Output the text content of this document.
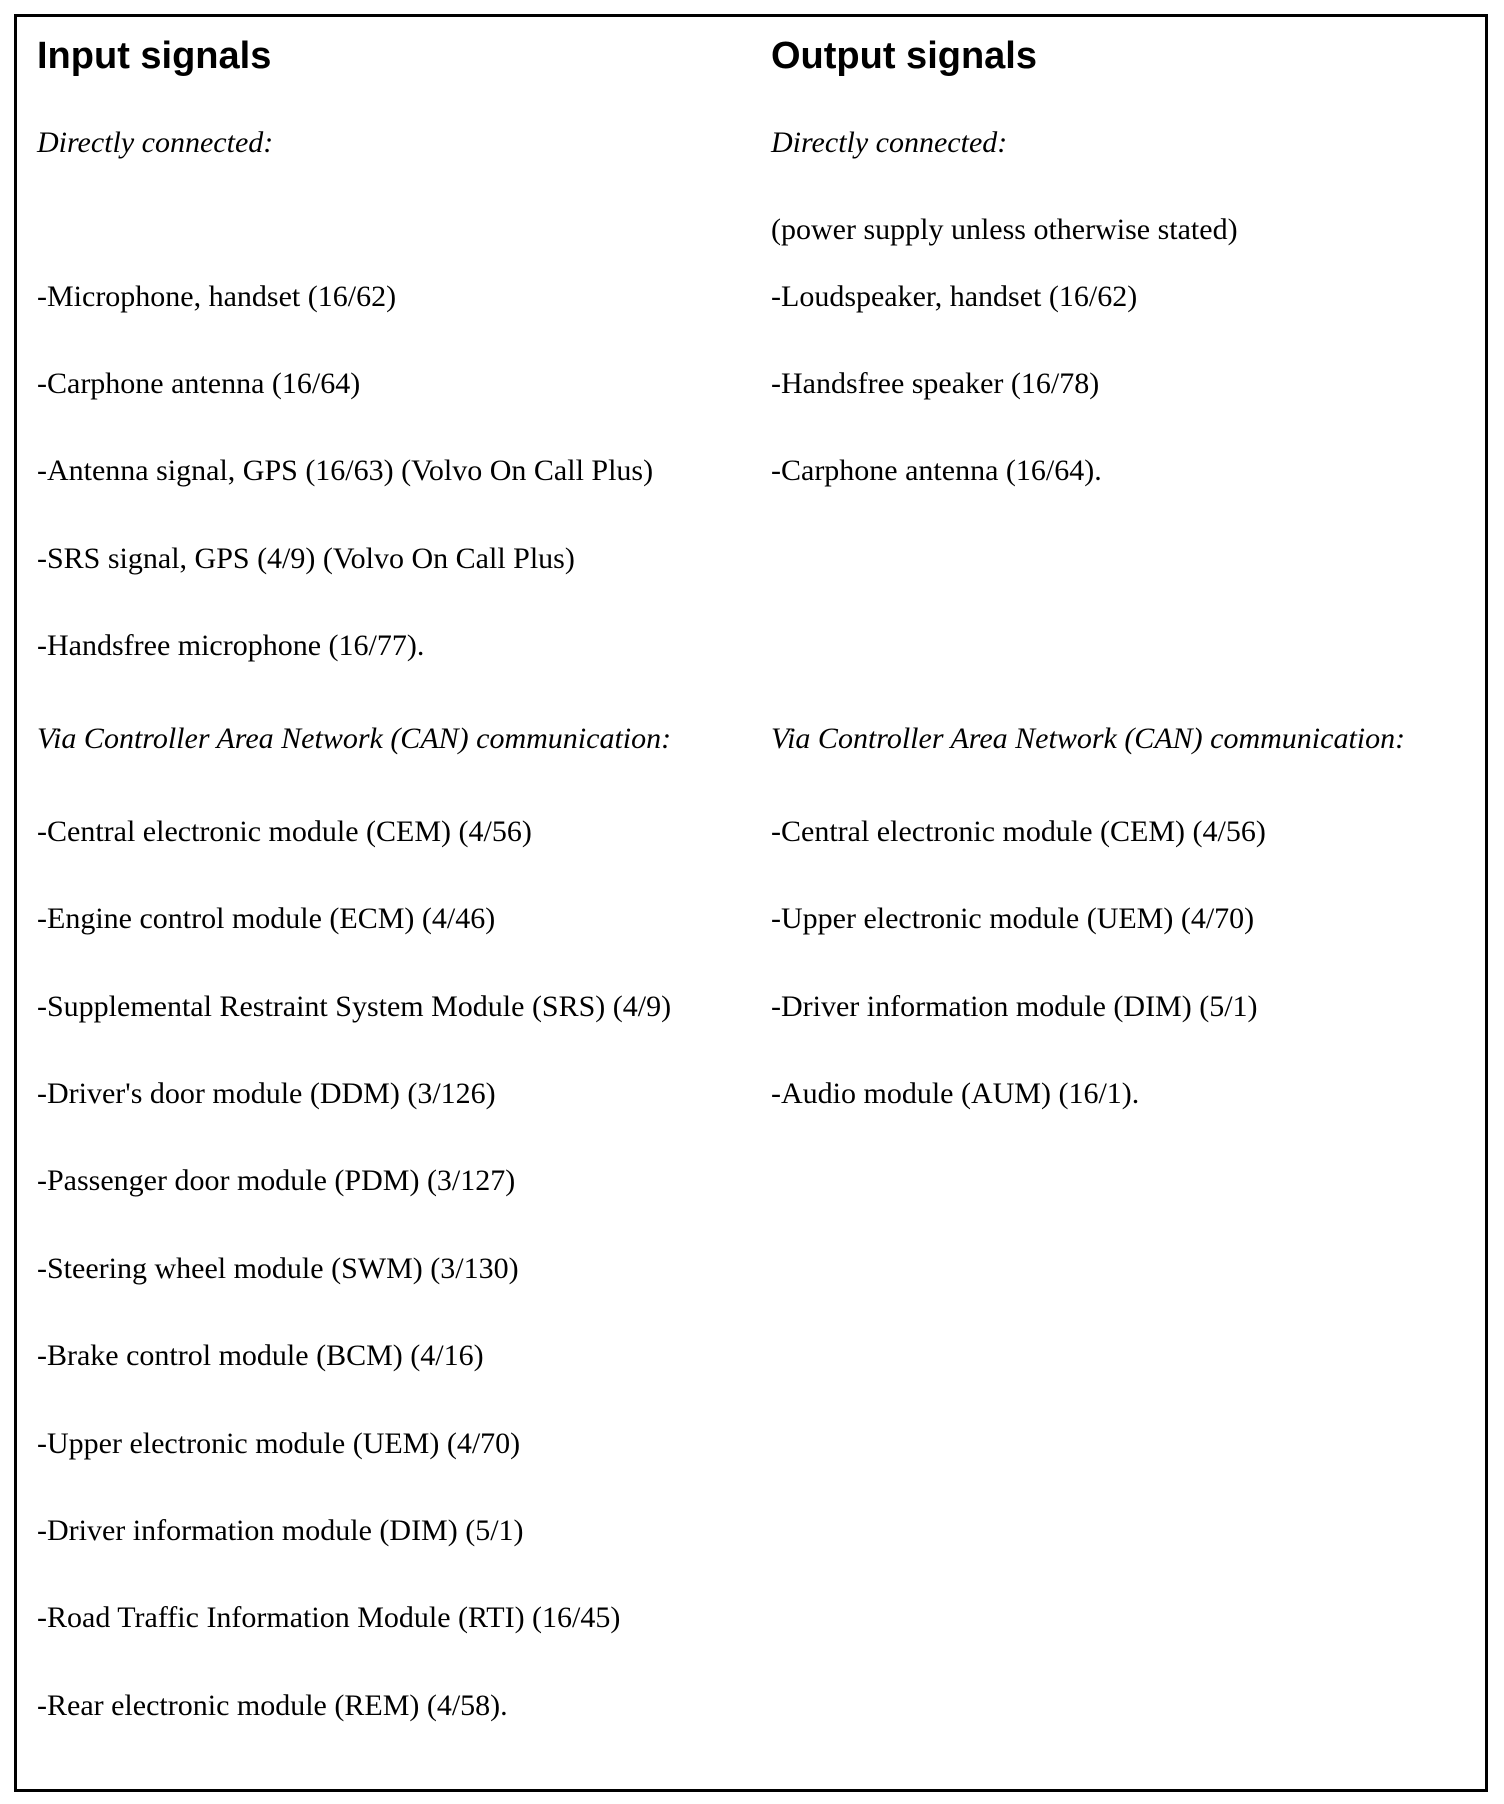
Input signals
Directly connected:
-Microphone, handset (16/62)
-Carphone antenna (16/64)
-Antenna signal, GPS (16/63) (Volvo On Call Plus)
-SRS signal, GPS (4/9) (Volvo On Call Plus)
-Handsfree microphone (16/77).
Via Controller Area Network (CAN) communication:
-Central electronic module (CEM) (4/56)
-Engine control module (ECM) (4/46)
-Supplemental Restraint System Module (SRS) (4/9)
-Driver's door module (DDM) (3/126)
-Passenger door module (PDM) (3/127)
-Steering wheel module (SWM) (3/130)
-Brake control module (BCM) (4/16)
-Upper electronic module (UEM) (4/70)
-Driver information module (DIM) (5/1)
-Road Traffic Information Module (RTI) (16/45)
-Rear electronic module (REM) (4/58).
Output signals
Directly connected:
(power supply unless otherwise stated)
-Loudspeaker, handset (16/62)
-Handsfree speaker (16/78)
-Carphone antenna (16/64).
Via Controller Area Network (CAN) communication:
-Central electronic module (CEM) (4/56)
-Upper electronic module (UEM) (4/70)
-Driver information module (DIM) (5/1)
-Audio module (AUM) (16/1).
